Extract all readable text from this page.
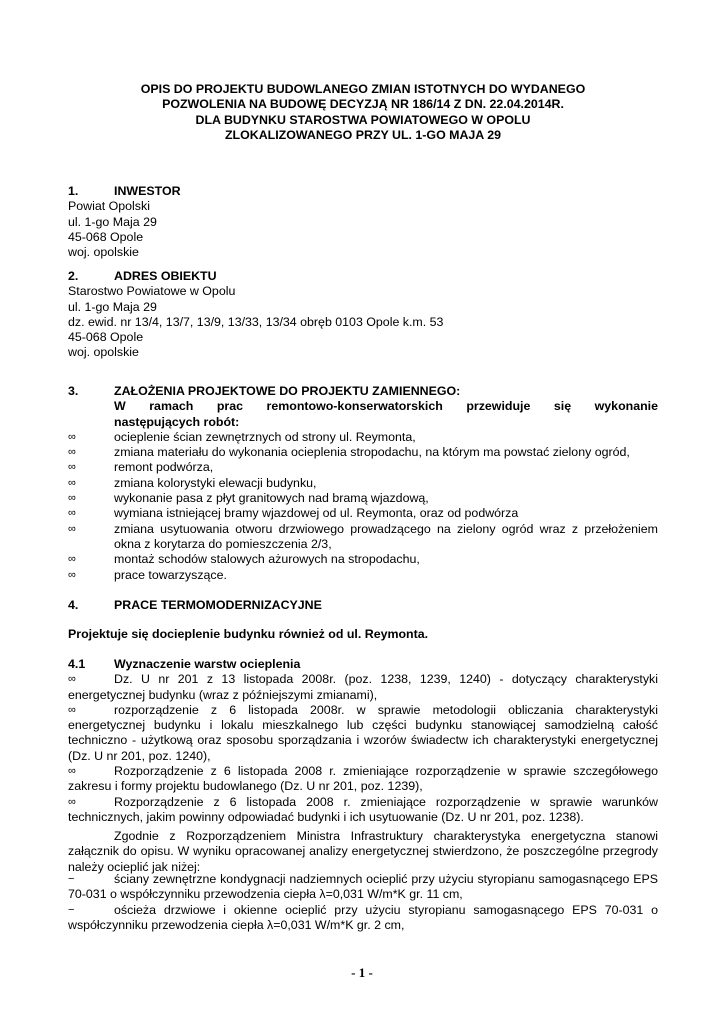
OPIS DO PROJEKTU BUDOWLANEGO ZMIAN ISTOTNYCH DO WYDANEGO
POZWOLENIA NA BUDOWĘ DECYZJĄ NR 186/14 Z DN. 22.04.2014R.
DLA BUDYNKU STAROSTWA POWIATOWEGO W OPOLU
ZLOKALIZOWANEGO PRZY UL. 1-GO MAJA 29
1.	INWESTOR
Powiat Opolski
ul. 1-go Maja 29
45-068 Opole
woj. opolskie
2.	ADRES OBIEKTU
Starostwo Powiatowe w Opolu
ul. 1-go Maja 29
dz. ewid. nr 13/4, 13/7, 13/9, 13/33, 13/34 obręb 0103 Opole k.m. 53
45-068 Opole
woj. opolskie
3.	ZAŁOŻENIA PROJEKTOWE DO PROJEKTU ZAMIENNEGO:
W ramach prac remontowo-konserwatorskich przewiduje się wykonanie
następujących robót:
∞	ocieplenie ścian zewnętrznych od strony ul. Reymonta,
∞	zmiana materiału do wykonania ocieplenia stropodachu, na którym ma powstać zielony ogród,
∞	remont podwórza,
∞	zmiana kolorystyki elewacji budynku,
∞	wykonanie pasa z płyt granitowych nad bramą wjazdową,
∞	wymiana istniejącej bramy wjazdowej od ul. Reymonta, oraz od podwórza
∞	zmiana usytuowania otworu drzwiowego prowadzącego na zielony ogród wraz z przełożeniem okna z korytarza do pomieszczenia 2/3,
∞	montaż schodów stalowych ażurowych na stropodachu,
∞	prace towarzyszące.
4.	PRACE TERMOMODERNIZACYJNE
Projektuje się docieplenie budynku również od ul. Reymonta.
4.1	Wyznaczenie warstw ocieplenia
∞	Dz. U nr 201 z 13 listopada 2008r. (poz. 1238, 1239, 1240) - dotyczący charakterystyki energetycznej budynku (wraz z późniejszymi zmianami),
∞	rozporządzenie z 6 listopada 2008r. w sprawie metodologii obliczania charakterystyki energetycznej budynku i lokalu mieszkalnego lub części budynku stanowiącej samodzielną całość techniczno - użytkową oraz sposobu sporządzania i wzorów świadectw ich charakterystyki energetycznej (Dz. U nr 201, poz. 1240),
∞	Rozporządzenie z 6 listopada 2008 r. zmieniające rozporządzenie w sprawie szczegółowego zakresu i formy projektu budowlanego (Dz. U nr 201, poz. 1239),
∞	Rozporządzenie z 6 listopada 2008 r. zmieniające rozporządzenie w sprawie warunków technicznych, jakim powinny odpowiadać budynki i ich usytuowanie (Dz. U nr 201, poz. 1238).
Zgodnie z Rozporządzeniem Ministra Infrastruktury charakterystyka energetyczna stanowi załącznik do opisu. W wyniku opracowanej analizy energetycznej stwierdzono, że poszczególne przegrody należy ocieplić jak niżej:
−	ściany zewnętrzne kondygnacji nadziemnych ocieplić przy użyciu styropianu samogasnącego EPS 70-031 o współczynniku przewodzenia ciepła λ=0,031 W/m*K gr. 11 cm,
−	ościeża drzwiowe i okienne ocieplić przy użyciu styropianu samogasnącego EPS 70-031 o współczynniku przewodzenia ciepła λ=0,031 W/m*K gr. 2 cm,
- 1 -
